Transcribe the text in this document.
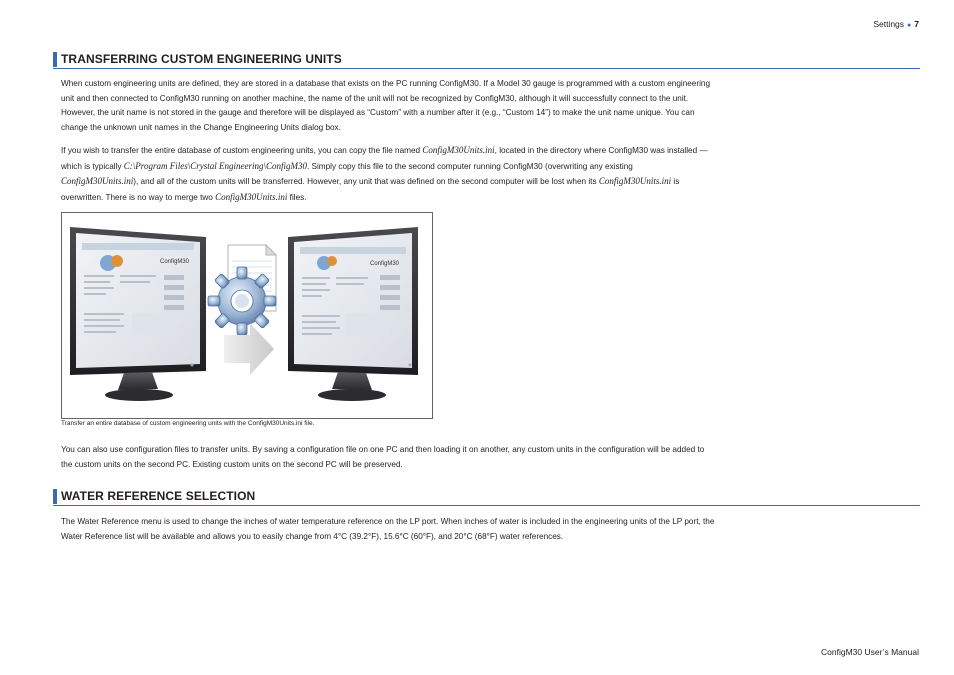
Settings ● 7
TRANSFERRING CUSTOM ENGINEERING UNITS
When custom engineering units are defined, they are stored in a database that exists on the PC running ConfigM30. If a Model 30 gauge is programmed with a custom engineering unit and then connected to ConfigM30 running on another machine, the name of the unit will not be recognized by ConfigM30, although it will successfully connect to the unit. However, the unit name is not stored in the gauge and therefore will be displayed as “Custom” with a number after it (e.g., “Custom 14”) to make the unit name unique. You can change the unknown unit names in the Change Engineering Units dialog box.
If you wish to transfer the entire database of custom engineering units, you can copy the file named ConfigM30Units.ini, located in the directory where ConfigM30 was installed — which is typically C:\Program Files\Crystal Engineering\ConfigM30. Simply copy this file to the second computer running ConfigM30 (overwriting any existing ConfigM30Units.ini), and all of the custom units will be transferred. However, any unit that was defined on the second computer will be lost when its ConfigM30Units.ini is overwritten. There is no way to merge two ConfigM30Units.ini files.
ConfigM30	ConfigM30
Transfer an entire database of custom engineering units with the ConfigM30Units.ini file.
You can also use configuration files to transfer units. By saving a configuration file on one PC and then loading it on another, any custom units in the configuration will be added to the custom units on the second PC. Existing custom units on the second PC will be preserved.
WATER REFERENCE SELECTION
The Water Reference menu is used to change the inches of water temperature reference on the LP port. When inches of water is included in the engineering units of the LP port, the Water Reference list will be available and allows you to easily change from 4°C (39.2°F), 15.6°C (60°F), and 20°C (68°F) water references.
ConfigM30 User’s Manual
